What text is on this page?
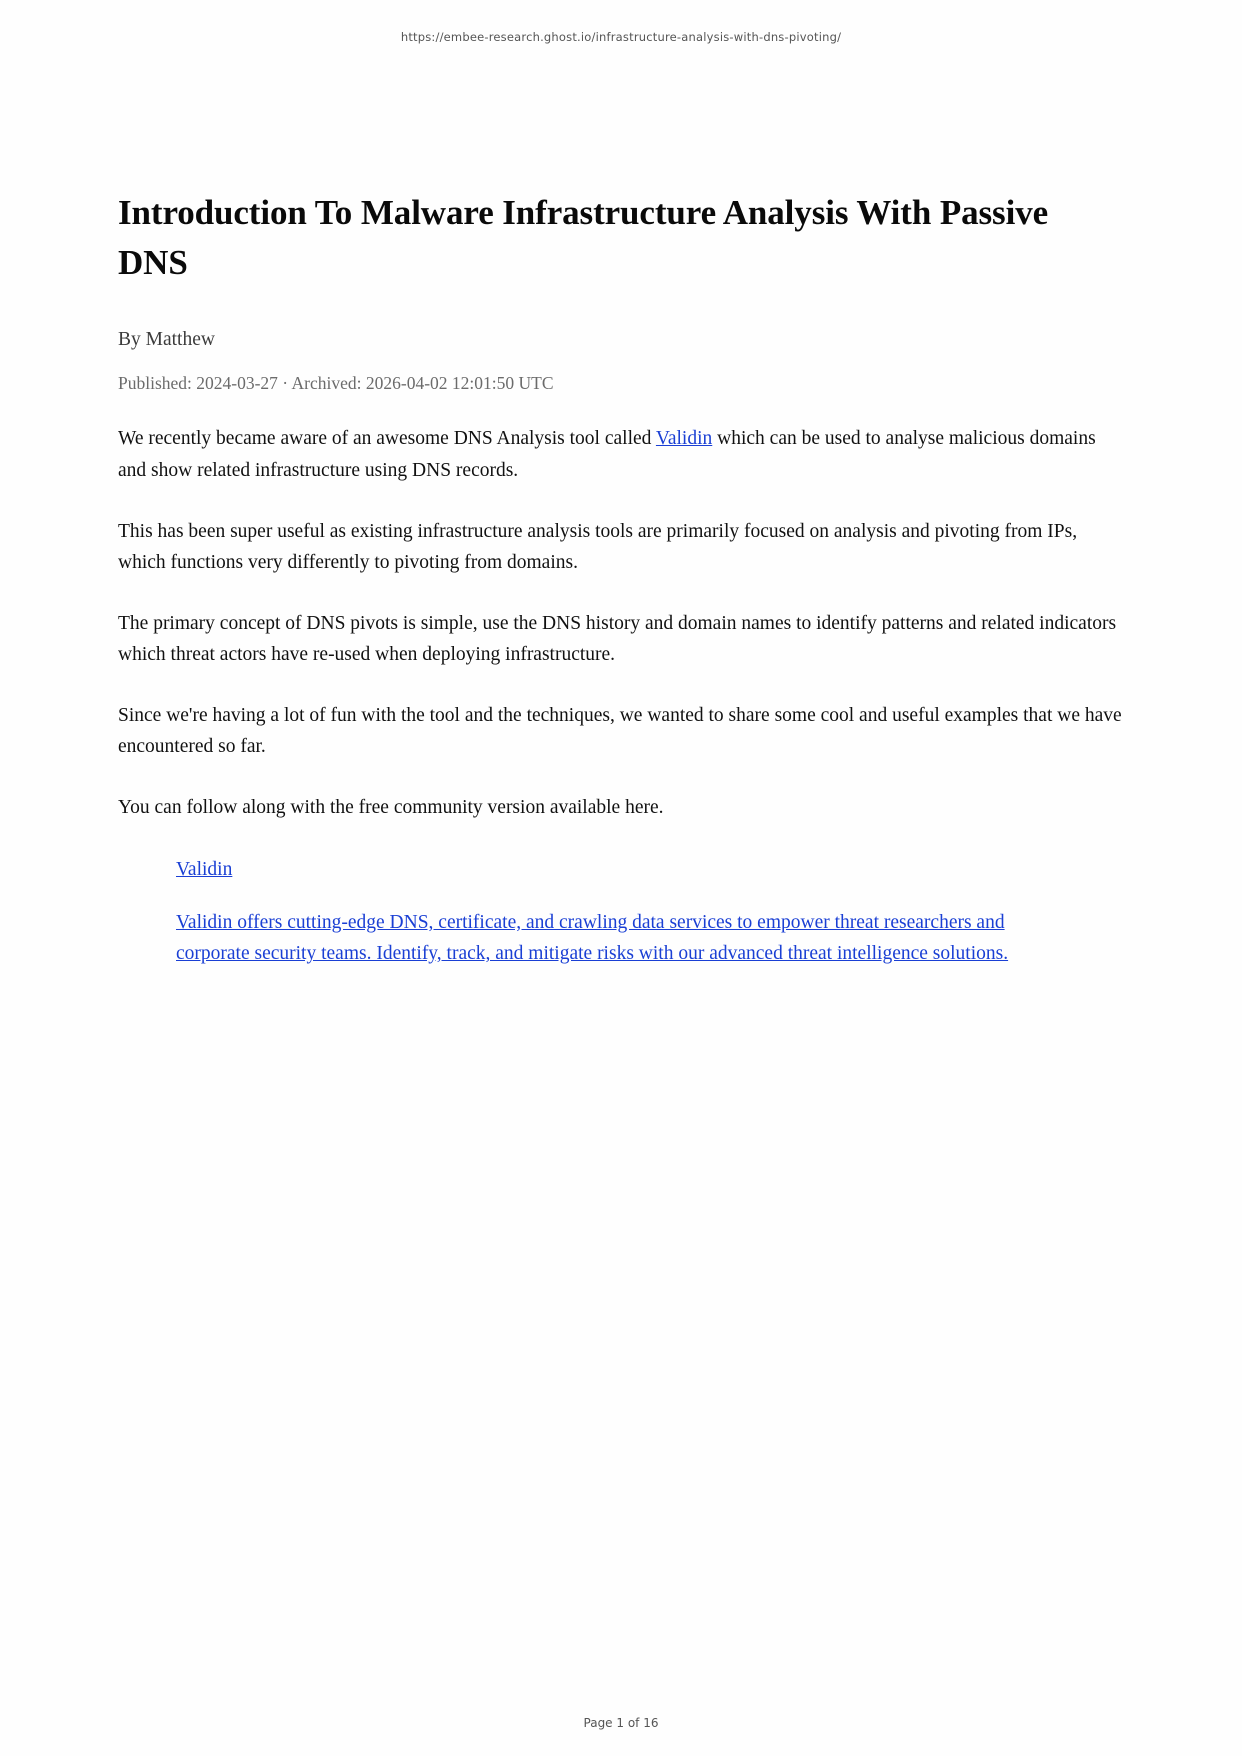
https://embee-research.ghost.io/infrastructure-analysis-with-dns-pivoting/
Introduction To Malware Infrastructure Analysis With Passive DNS
By Matthew
Published: 2024-03-27 · Archived: 2026-04-02 12:01:50 UTC

We recently became aware of an awesome DNS Analysis tool called Validin which can be used to analyse malicious domains and show related infrastructure using DNS records.

This has been super useful as existing infrastructure analysis tools are primarily focused on analysis and pivoting from IPs, which functions very differently to pivoting from domains.

The primary concept of DNS pivots is simple, use the DNS history and domain names to identify patterns and related indicators which threat actors have re-used when deploying infrastructure.

Since we're having a lot of fun with the tool and the techniques, we wanted to share some cool and useful examples that we have encountered so far.

You can follow along with the free community version available here.

Validin
Validin offers cutting-edge DNS, certificate, and crawling data services to empower threat researchers and corporate security teams. Identify, track, and mitigate risks with our advanced threat intelligence solutions.
Page 1 of 16
